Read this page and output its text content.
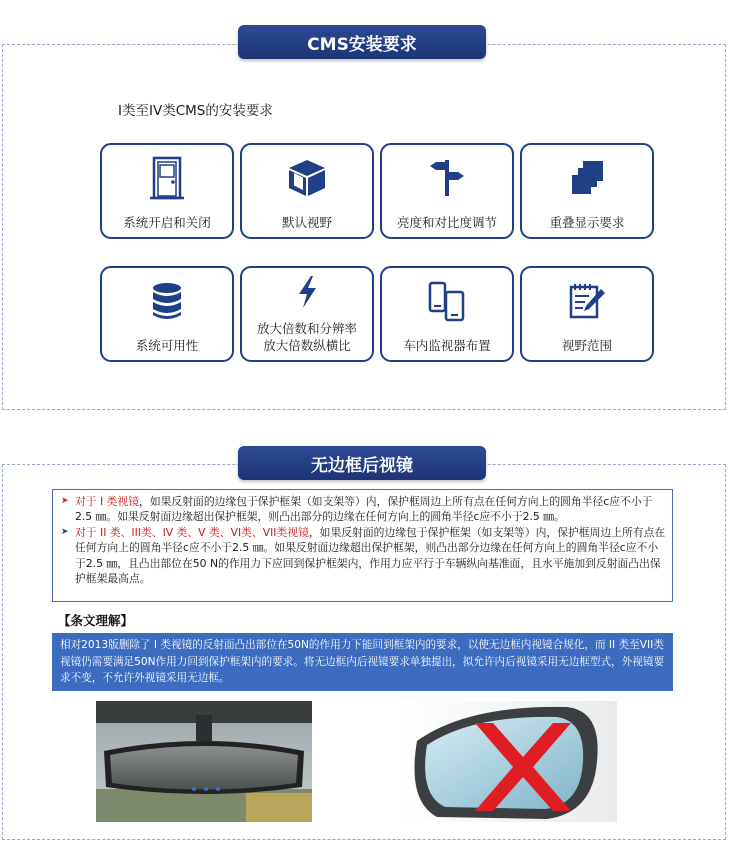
CMS安装要求
I类至IV类CMS的安装要求
系统开启和关闭	默认视野	亮度和对比度调节	重叠显示要求
系统可用性
放大倍数和分辨率
放大倍数纵横比	车内监视器布置	视野范围
无边框后视镜
➤ 对于 I 类视镜，如果反射面的边缘包于保护框架（如支架等）内，保护框周边上所有点在任何方向上的圆角半径c应不小于2.5 ㎜。如果反射面边缘超出保护框架，则凸出部分的边缘在任何方向上的圆角半径c应不小于2.5 ㎜。
➤ 对于 II 类、III类、IV 类、V 类、VI类、VII类视镜，如果反射面的边缘包于保护框架（如支架等）内，保护框周边上所有点在任何方向上的圆角半径c应不小于2.5 ㎜。如果反射面边缘超出保护框架，则凸出部分边缘在任何方向上的圆角半径c应不小于2.5 ㎜，且凸出部位在50 N的作用力下应回到保护框架内，作用力应平行于车辆纵向基准面，且水平施加到反射面凸出保护框架最高点。
【条文理解】
相对2013版删除了 I 类视镜的反射面凸出部位在50N的作用力下能回到框架内的要求，以使无边框内视镜合规化，而 II 类至VII类视镜仍需要满足50N作用力回到保护框架内的要求。将无边框内后视镜要求单独提出，拟允许内后视镜采用无边框型式，外视镜要求不变，不允许外视镜采用无边框。
